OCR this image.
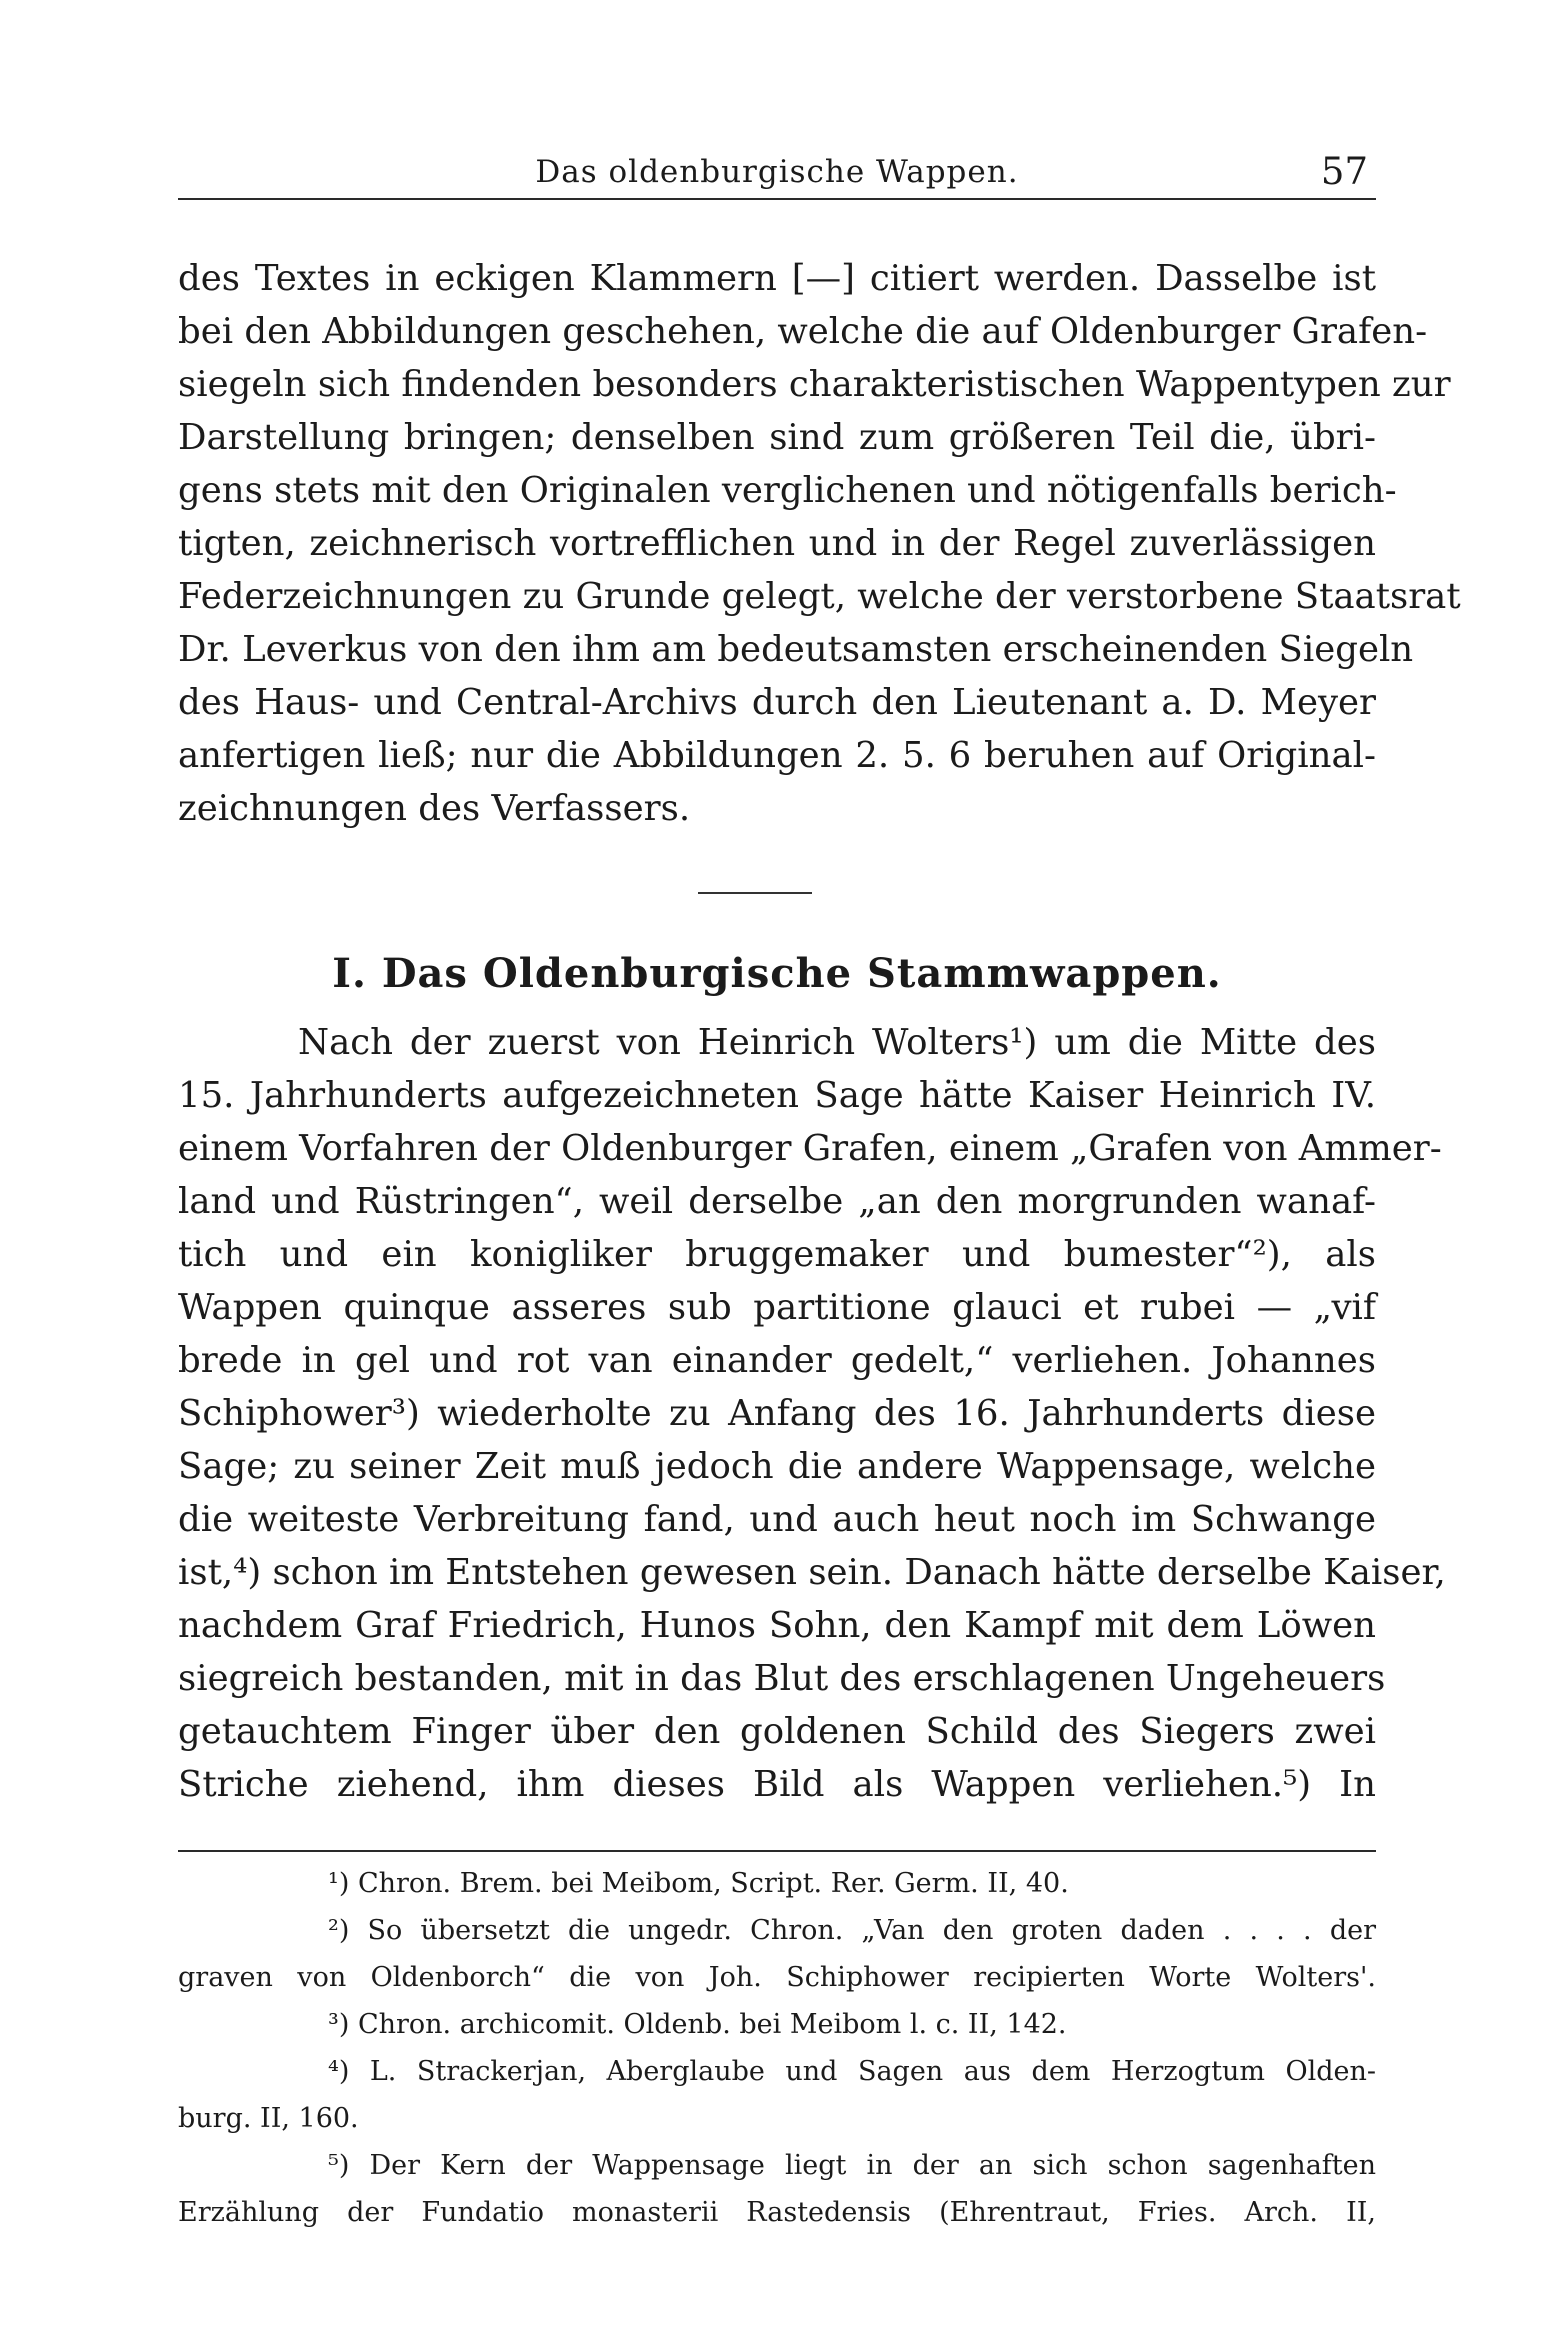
Das oldenburgische Wappen.	57
des Textes in eckigen Klammern [—] citiert werden. Dasselbe ist
bei den Abbildungen geschehen, welche die auf Oldenburger Grafen-
siegeln sich findenden besonders charakteristischen Wappentypen zur
Darstellung bringen; denselben sind zum größeren Teil die, übri-
gens stets mit den Originalen verglichenen und nötigenfalls berich-
tigten, zeichnerisch vortrefflichen und in der Regel zuverlässigen
Federzeichnungen zu Grunde gelegt, welche der verstorbene Staatsrat
Dr. Leverkus von den ihm am bedeutsamsten erscheinenden Siegeln
des Haus- und Central-Archivs durch den Lieutenant a. D. Meyer
anfertigen ließ; nur die Abbildungen 2. 5. 6 beruhen auf Original-
zeichnungen des Verfassers.
I. Das Oldenburgische Stammwappen.
Nach der zuerst von Heinrich Wolters¹) um die Mitte des
15. Jahrhunderts aufgezeichneten Sage hätte Kaiser Heinrich IV.
einem Vorfahren der Oldenburger Grafen, einem „Grafen von Ammer-
land und Rüstringen“, weil derselbe „an den morgrunden wanaf-
tich und ein konigliker bruggemaker und bumester“²), als
Wappen quinque asseres sub partitione glauci et rubei — „vif
brede in gel und rot van einander gedelt,“ verliehen. Johannes
Schiphower³) wiederholte zu Anfang des 16. Jahrhunderts diese
Sage; zu seiner Zeit muß jedoch die andere Wappensage, welche
die weiteste Verbreitung fand, und auch heut noch im Schwange
ist,⁴) schon im Entstehen gewesen sein. Danach hätte derselbe Kaiser,
nachdem Graf Friedrich, Hunos Sohn, den Kampf mit dem Löwen
siegreich bestanden, mit in das Blut des erschlagenen Ungeheuers
getauchtem Finger über den goldenen Schild des Siegers zwei
Striche ziehend, ihm dieses Bild als Wappen verliehen.⁵) In
¹) Chron. Brem. bei Meibom, Script. Rer. Germ. II, 40.
²) So übersetzt die ungedr. Chron. „Van den groten daden . . . . der
graven von Oldenborch“ die von Joh. Schiphower recipierten Worte Wolters'.
³) Chron. archicomit. Oldenb. bei Meibom l. c. II, 142.
⁴) L. Strackerjan, Aberglaube und Sagen aus dem Herzogtum Olden-
burg. II, 160.
⁵) Der Kern der Wappensage liegt in der an sich schon sagenhaften
Erzählung der Fundatio monasterii Rastedensis (Ehrentraut, Fries. Arch. II,
